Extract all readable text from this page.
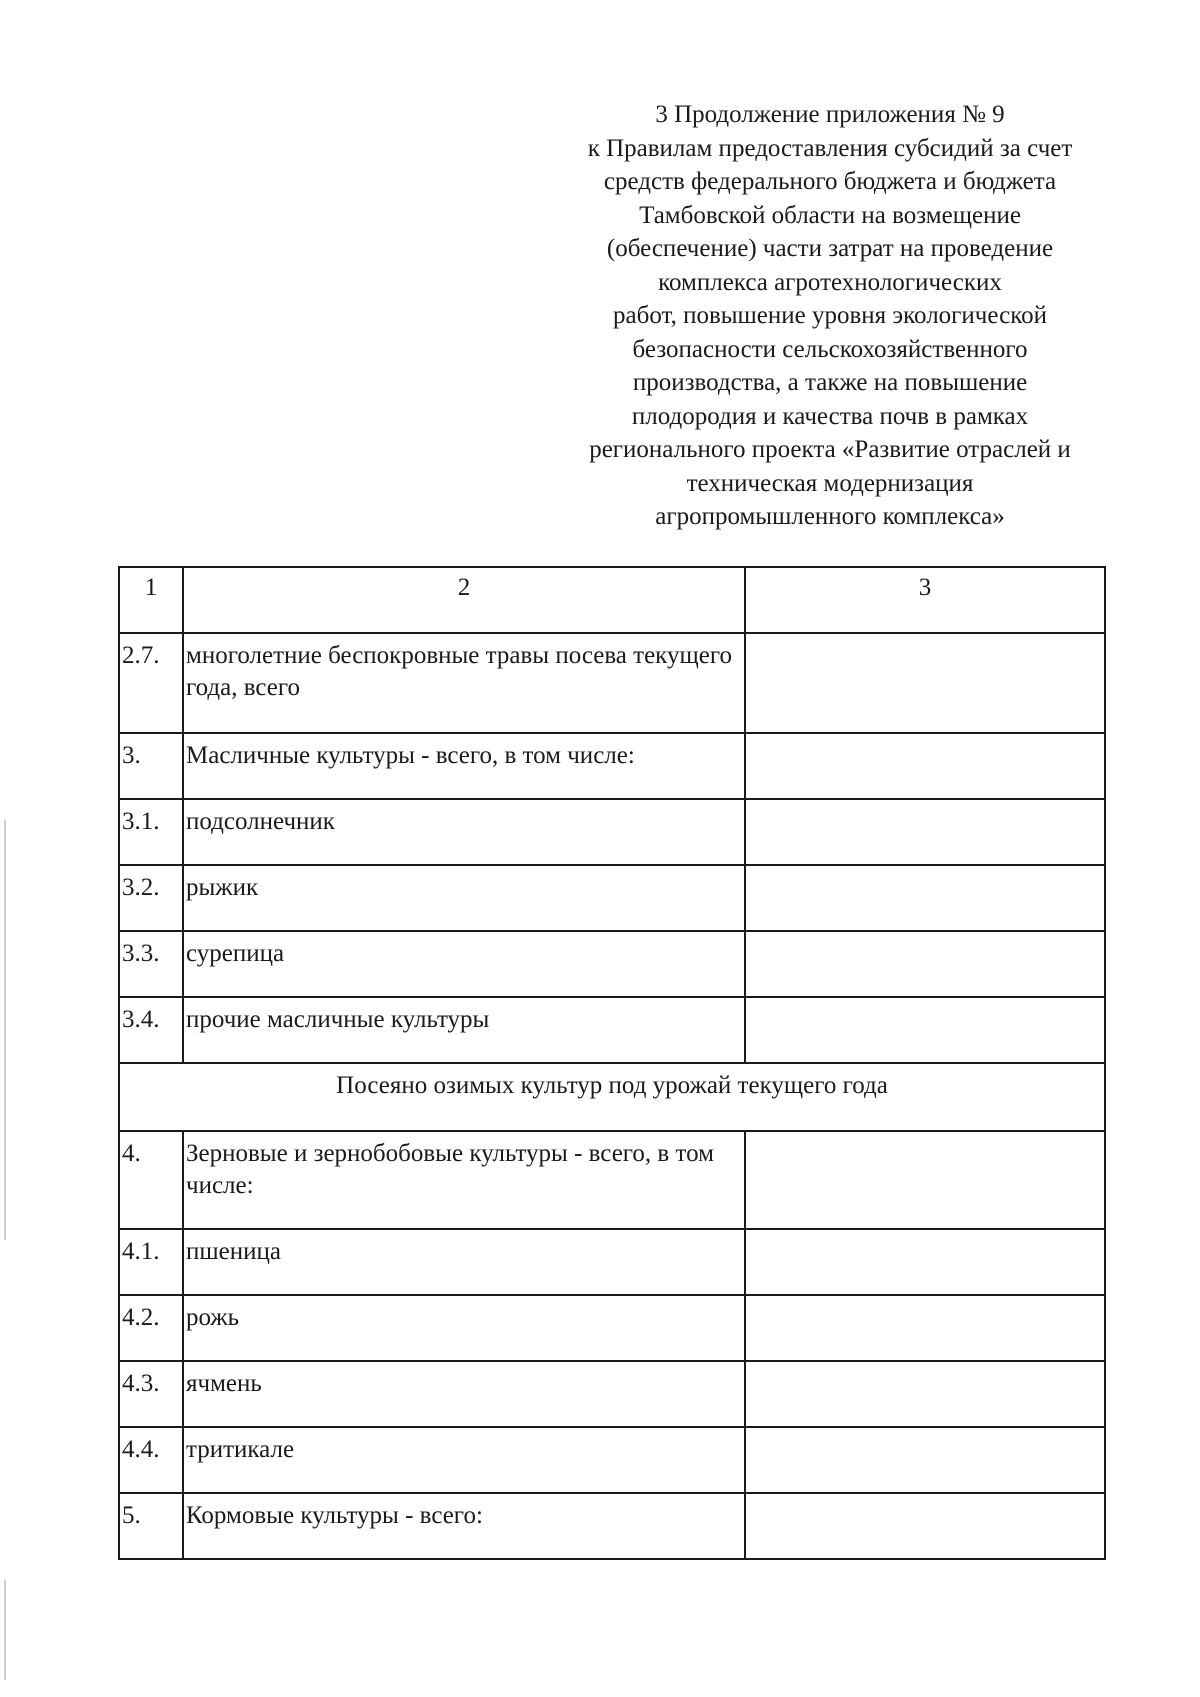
3 Продолжение приложения № 9
к Правилам предоставления субсидий за счет
средств федерального бюджета и бюджета
Тамбовской области на возмещение
(обеспечение) части затрат на проведение
комплекса агротехнологических
работ, повышение уровня экологической
безопасности сельскохозяйственного
производства, а также на повышение
плодородия и качества почв в рамках
регионального проекта «Развитие отраслей и
техническая модернизация
агропромышленного комплекса»
1	2	3
2.7.	многолетние беспокровные травы посева текущего года, всего	
3.	Масличные культуры - всего, в том числе:	
3.1.	подсолнечник	
3.2.	рыжик	
3.3.	сурепица	
3.4.	прочие масличные культуры	
Посеяно озимых культур под урожай текущего года		
4.	Зерновые и зернобобовые культуры - всего, в том числе:	
4.1.	пшеница	
4.2.	рожь	
4.3.	ячмень	
4.4.	тритикале	
5.	Кормовые культуры - всего:	
